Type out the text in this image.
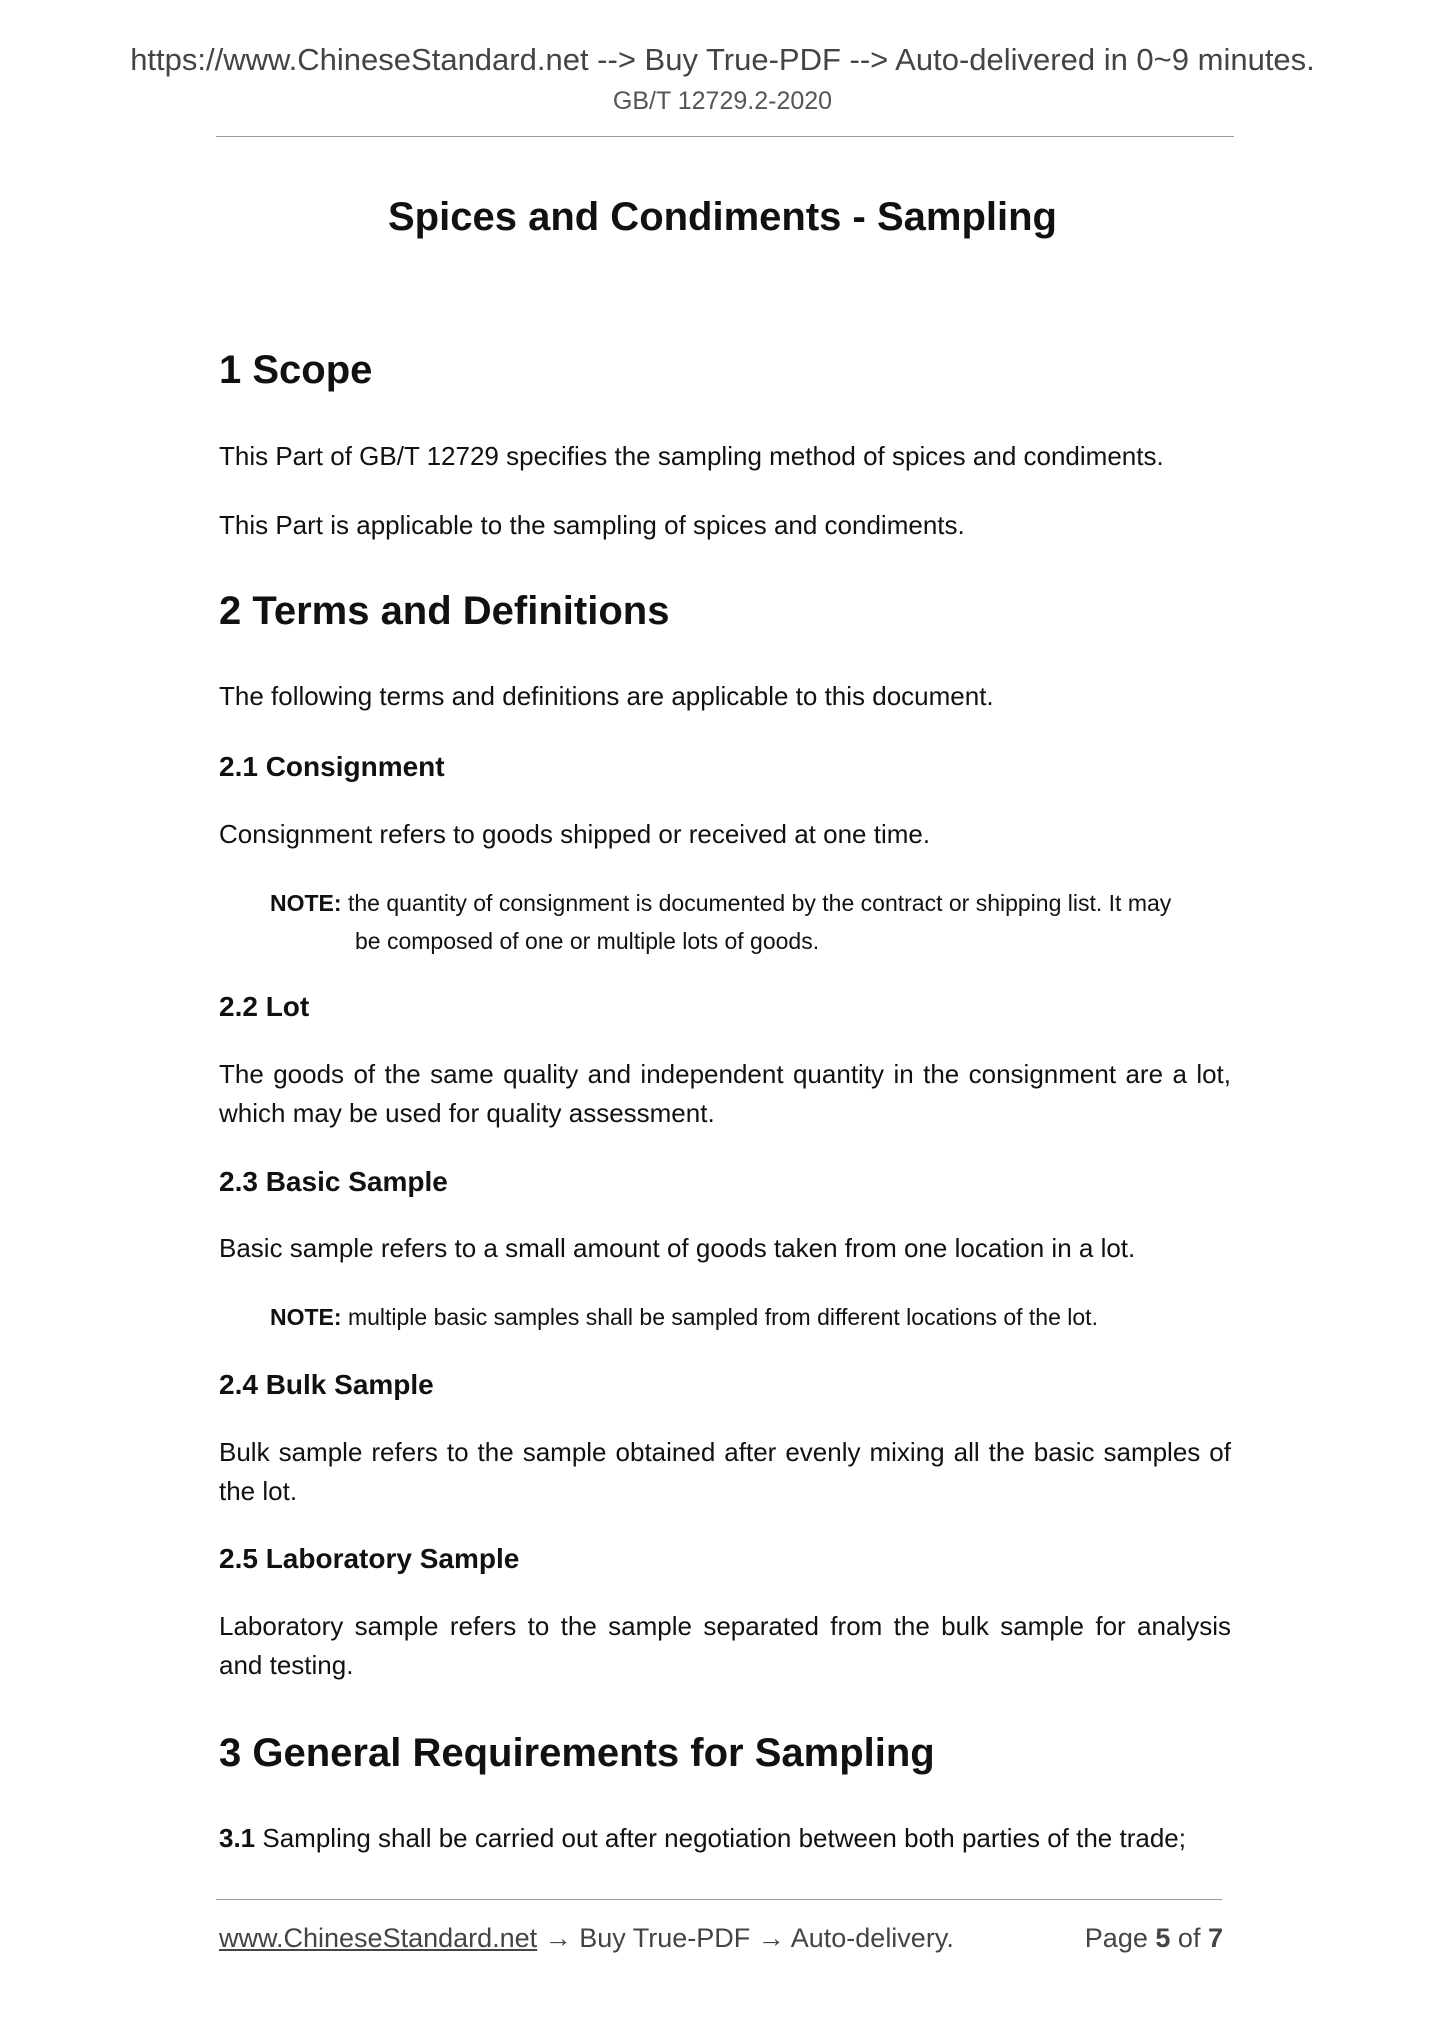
https://www.ChineseStandard.net --> Buy True-PDF --> Auto-delivered in 0~9 minutes.
GB/T 12729.2-2020
Spices and Condiments - Sampling
1 Scope
This Part of GB/T 12729 specifies the sampling method of spices and condiments.
This Part is applicable to the sampling of spices and condiments.
2 Terms and Definitions
The following terms and definitions are applicable to this document.
2.1 Consignment
Consignment refers to goods shipped or received at one time.
NOTE: the quantity of consignment is documented by the contract or shipping list. It may
be composed of one or multiple lots of goods.
2.2 Lot
The goods of the same quality and independent quantity in the consignment are a lot, which may be used for quality assessment.
2.3 Basic Sample
Basic sample refers to a small amount of goods taken from one location in a lot.
NOTE: multiple basic samples shall be sampled from different locations of the lot.
2.4 Bulk Sample
Bulk sample refers to the sample obtained after evenly mixing all the basic samples of the lot.
2.5 Laboratory Sample
Laboratory sample refers to the sample separated from the bulk sample for analysis and testing.
3 General Requirements for Sampling
3.1 Sampling shall be carried out after negotiation between both parties of the trade;
www.ChineseStandard.net → Buy True-PDF → Auto-delivery.	Page 5 of 7
